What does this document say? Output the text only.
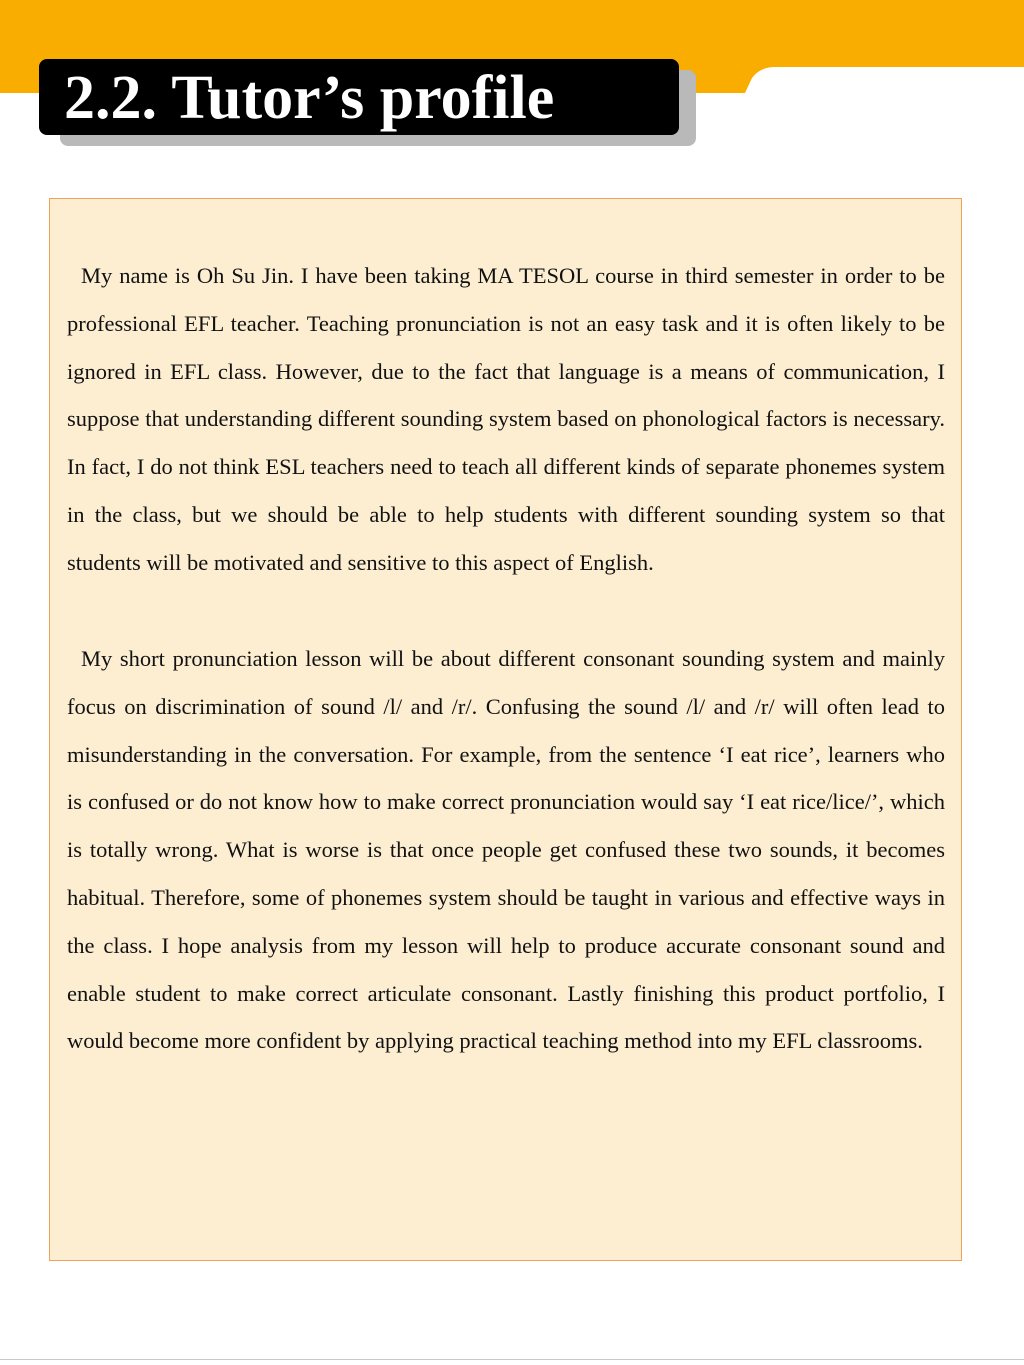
2.2. Tutor’s profile

My name is Oh Su Jin. I have been taking MA TESOL course in third semester in order to be professional EFL teacher. Teaching pronunciation is not an easy task and it is often likely to be ignored in EFL class. However, due to the fact that language is a means of communication, I suppose that understanding different sounding system based on phonological factors is necessary. In fact, I do not think ESL teachers need to teach all different kinds of separate phonemes system in the class, but we should be able to help students with different sounding system so that students will be motivated and sensitive to this aspect of English.

My short pronunciation lesson will be about different consonant sounding system and mainly focus on discrimination of sound /l/ and /r/. Confusing the sound /l/ and /r/ will often lead to misunderstanding in the conversation. For example, from the sentence ‘I eat rice’, learners who is confused or do not know how to make correct pronunciation would say ‘I eat rice/lice/’, which is totally wrong. What is worse is that once people get confused these two sounds, it becomes habitual. Therefore, some of phonemes system should be taught in various and effective ways in the class. I hope analysis from my lesson will help to produce accurate consonant sound and enable student to make correct articulate consonant. Lastly finishing this product portfolio, I would become more confident by applying practical teaching method into my EFL classrooms.
